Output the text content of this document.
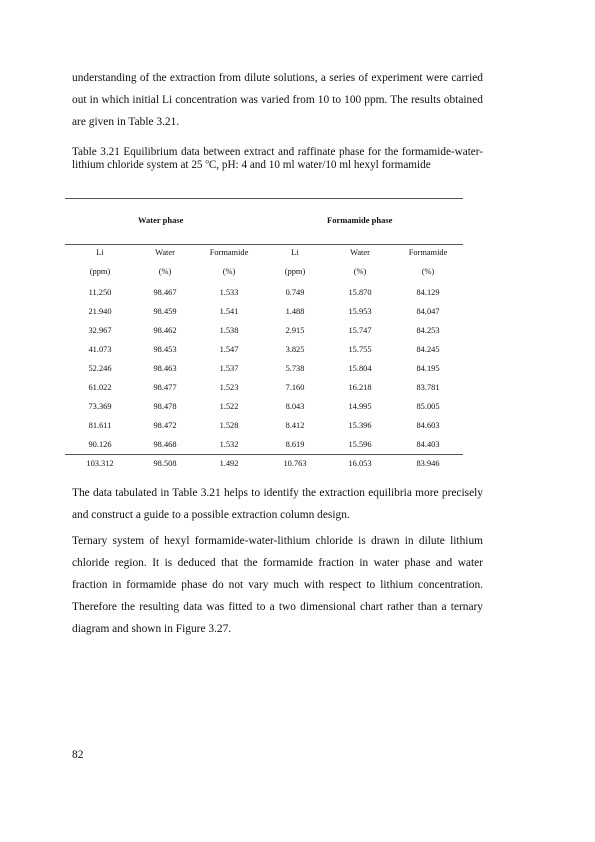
understanding of the extraction from dilute solutions, a series of experiment were carried out in which initial Li concentration was varied from 10 to 100 ppm. The results obtained are given in Table 3.21.

Table 3.21 Equilibrium data between extract and raffinate phase for the formamide-water-lithium chloride system at 25 $^o$C, pH: 4 and 10 ml water/10 ml hexyl formamide

Water phase	Formamide phase
Li	Water	Formamide	Li	Water	Formamide
(ppm)	(%)	(%)	(ppm)	(%)	(%)
11.250	98.467	1.533	0.749	15.870	84.129
21.940	98.459	1.541	1.488	15.953	84.047
32.967	98.462	1.538	2.915	15.747	84.253
41.073	98.453	1.547	3.825	15.755	84.245
52.246	98.463	1.537	5.738	15.804	84.195
61.022	98.477	1.523	7.160	16.218	83.781
73.369	98.478	1.522	8.043	14.995	85.005
81.611	98.472	1.528	8.412	15.396	84.603
90.126	98.468	1.532	8.619	15.596	84.403
103.312	98.508	1.492	10.763	16.053	83.946

The data tabulated in Table 3.21 helps to identify the extraction equilibria more precisely and construct a guide to a possible extraction column design.

Ternary system of hexyl formamide-water-lithium chloride is drawn in dilute lithium chloride region. It is deduced that the formamide fraction in water phase and water fraction in formamide phase do not vary much with respect to lithium concentration. Therefore the resulting data was fitted to a two dimensional chart rather than a ternary diagram and shown in Figure 3.27.

82
